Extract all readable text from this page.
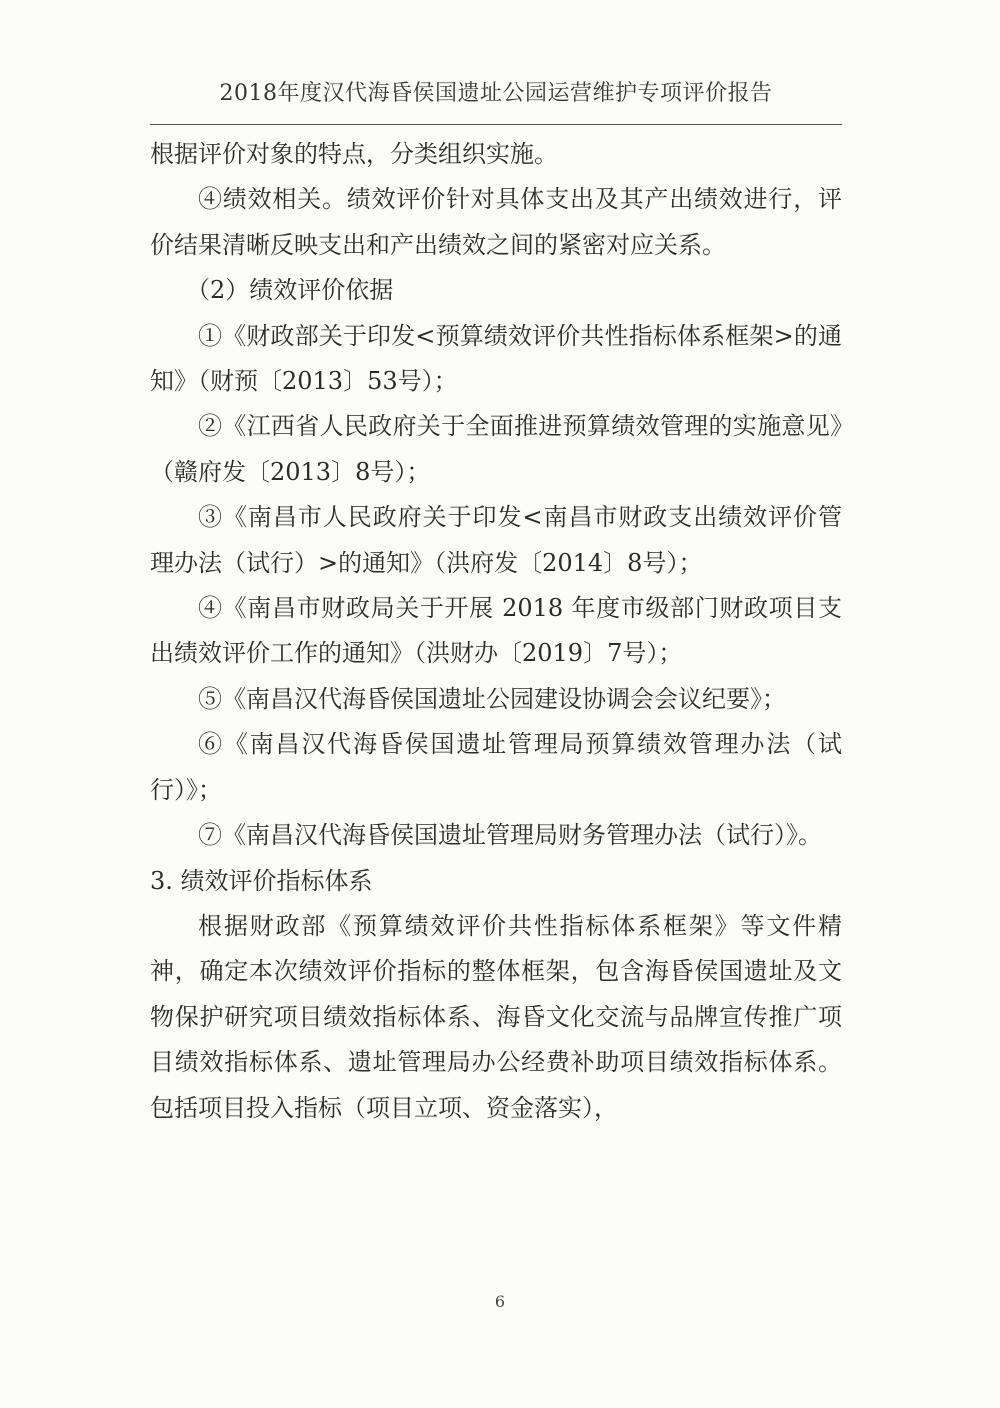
2018年度汉代海昏侯国遗址公园运营维护专项评价报告

根据评价对象的特点，分类组织实施。

④绩效相关。绩效评价针对具体支出及其产出绩效进行，评价结果清晰反映支出和产出绩效之间的紧密对应关系。

（2）绩效评价依据

①《财政部关于印发<预算绩效评价共性指标体系框架>的通知》（财预〔2013〕53号）；

②《江西省人民政府关于全面推进预算绩效管理的实施意见》（赣府发〔2013〕8号）；

③《南昌市人民政府关于印发<南昌市财政支出绩效评价管理办法（试行）>的通知》（洪府发〔2014〕8号）；

④《南昌市财政局关于开展 2018 年度市级部门财政项目支出绩效评价工作的通知》（洪财办〔2019〕7号）；

⑤《南昌汉代海昏侯国遗址公园建设协调会会议纪要》；

⑥《南昌汉代海昏侯国遗址管理局预算绩效管理办法（试行）》；

⑦《南昌汉代海昏侯国遗址管理局财务管理办法（试行）》。

3. 绩效评价指标体系

根据财政部《预算绩效评价共性指标体系框架》等文件精神，确定本次绩效评价指标的整体框架，包含海昏侯国遗址及文物保护研究项目绩效指标体系、海昏文化交流与品牌宣传推广项目绩效指标体系、遗址管理局办公经费补助项目绩效指标体系。包括项目投入指标（项目立项、资金落实），

6
